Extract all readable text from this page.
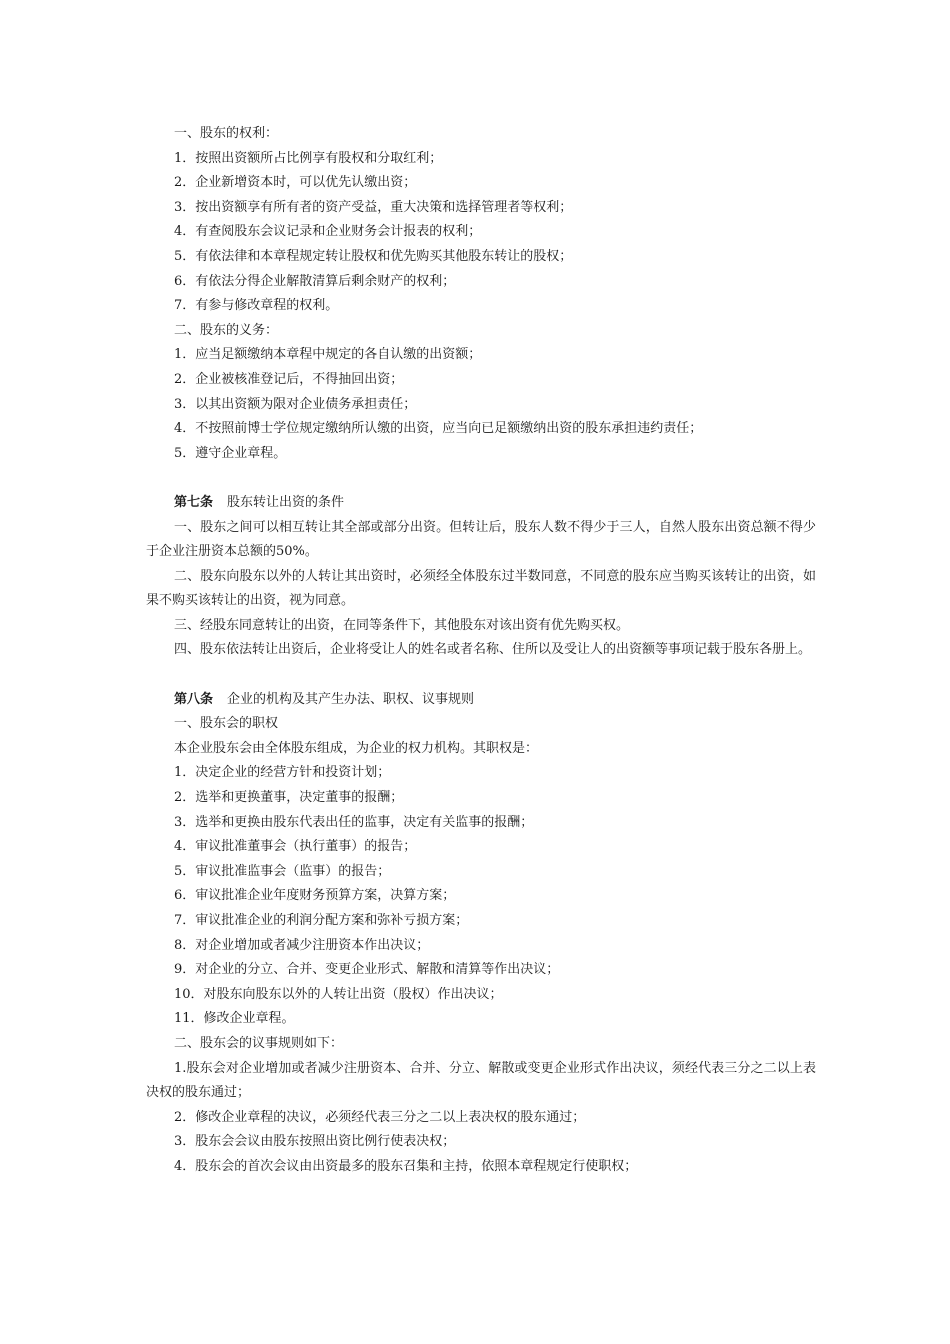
一、股东的权利：
1．按照出资额所占比例享有股权和分取红利；
2．企业新增资本时，可以优先认缴出资；
3．按出资额享有所有者的资产受益，重大决策和选择管理者等权利；
4．有查阅股东会议记录和企业财务会计报表的权利；
5．有依法律和本章程规定转让股权和优先购买其他股东转让的股权；
6．有依法分得企业解散清算后剩余财产的权利；
7．有参与修改章程的权利。
二、股东的义务：
1．应当足额缴纳本章程中规定的各自认缴的出资额；
2．企业被核准登记后，不得抽回出资；
3．以其出资额为限对企业债务承担责任；
4．不按照前博士学位规定缴纳所认缴的出资，应当向已足额缴纳出资的股东承担违约责任；
5．遵守企业章程。
第七条 股东转让出资的条件
一、股东之间可以相互转让其全部或部分出资。但转让后，股东人数不得少于三人，自然人股东出资总额不得少于企业注册资本总额的50%。
二、股东向股东以外的人转让其出资时，必须经全体股东过半数同意，不同意的股东应当购买该转让的出资，如果不购买该转让的出资，视为同意。
三、经股东同意转让的出资，在同等条件下，其他股东对该出资有优先购买权。
四、股东依法转让出资后，企业将受让人的姓名或者名称、住所以及受让人的出资额等事项记载于股东各册上。
第八条 企业的机构及其产生办法、职权、议事规则
一、股东会的职权
本企业股东会由全体股东组成，为企业的权力机构。其职权是：
1．决定企业的经营方针和投资计划；
2．选举和更换董事，决定董事的报酬；
3．选举和更换由股东代表出任的监事，决定有关监事的报酬；
4．审议批准董事会（执行董事）的报告；
5．审议批准监事会（监事）的报告；
6．审议批准企业年度财务预算方案，决算方案；
7．审议批准企业的利润分配方案和弥补亏损方案；
8．对企业增加或者减少注册资本作出决议；
9．对企业的分立、合并、变更企业形式、解散和清算等作出决议；
10．对股东向股东以外的人转让出资（股权）作出决议；
11．修改企业章程。
二、股东会的议事规则如下：
1.股东会对企业增加或者减少注册资本、合并、分立、解散或变更企业形式作出决议，须经代表三分之二以上表决权的股东通过；
2．修改企业章程的决议，必须经代表三分之二以上表决权的股东通过；
3．股东会会议由股东按照出资比例行使表决权；
4．股东会的首次会议由出资最多的股东召集和主持，依照本章程规定行使职权；
